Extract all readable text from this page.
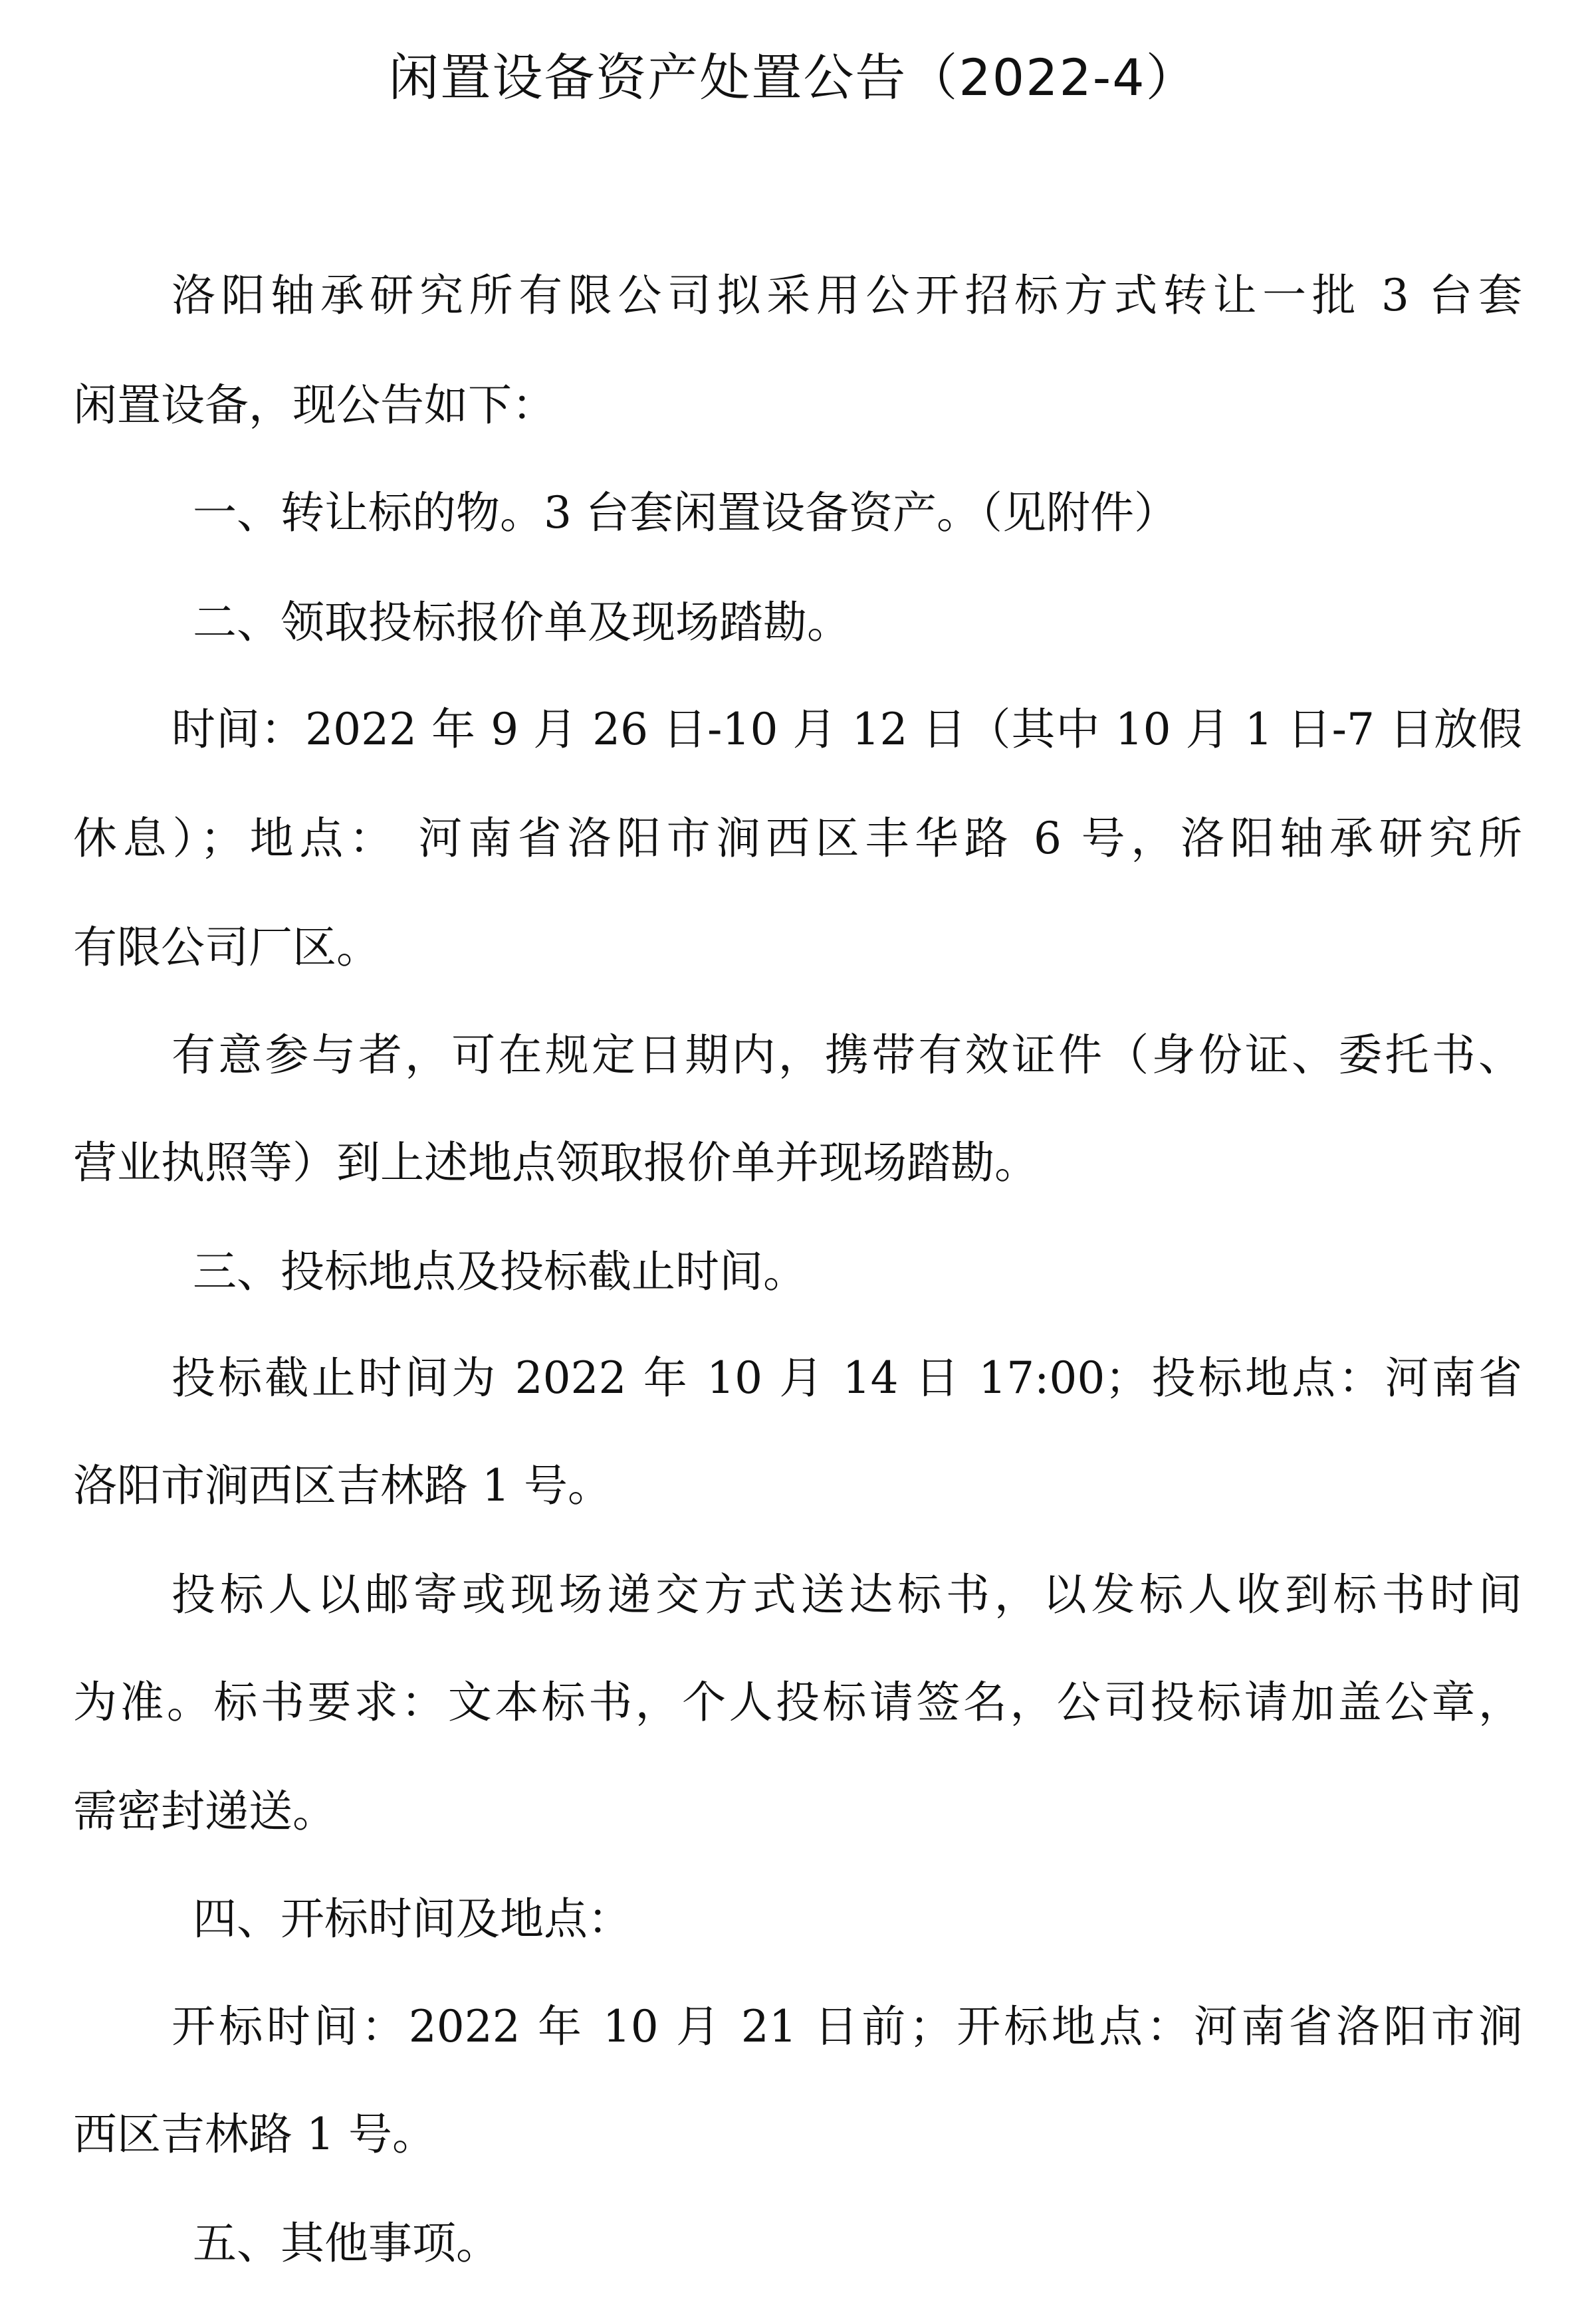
闲置设备资产处置公告（2022-4）
洛阳轴承研究所有限公司拟采用公开招标方式转让一批 3 台套
闲置设备，现公告如下：
一、转让标的物。3 台套闲置设备资产。（见附件）
二、领取投标报价单及现场踏勘。
时间：2022 年 9 月 26 日-10 月 12 日（其中 10 月 1 日-7 日放假
休息）；地点： 河南省洛阳市涧西区丰华路 6 号，洛阳轴承研究所
有限公司厂区。
有意参与者，可在规定日期内，携带有效证件（身份证、委托书、
营业执照等）到上述地点领取报价单并现场踏勘。
三、投标地点及投标截止时间。
投标截止时间为 2022 年 10 月 14 日 17:00；投标地点：河南省
洛阳市涧西区吉林路 1 号。
投标人以邮寄或现场递交方式送达标书，以发标人收到标书时间
为准。标书要求：文本标书，个人投标请签名，公司投标请加盖公章，
需密封递送。
四、开标时间及地点：
开标时间：2022 年 10 月 21 日前；开标地点：河南省洛阳市涧
西区吉林路 1 号。
五、其他事项。
